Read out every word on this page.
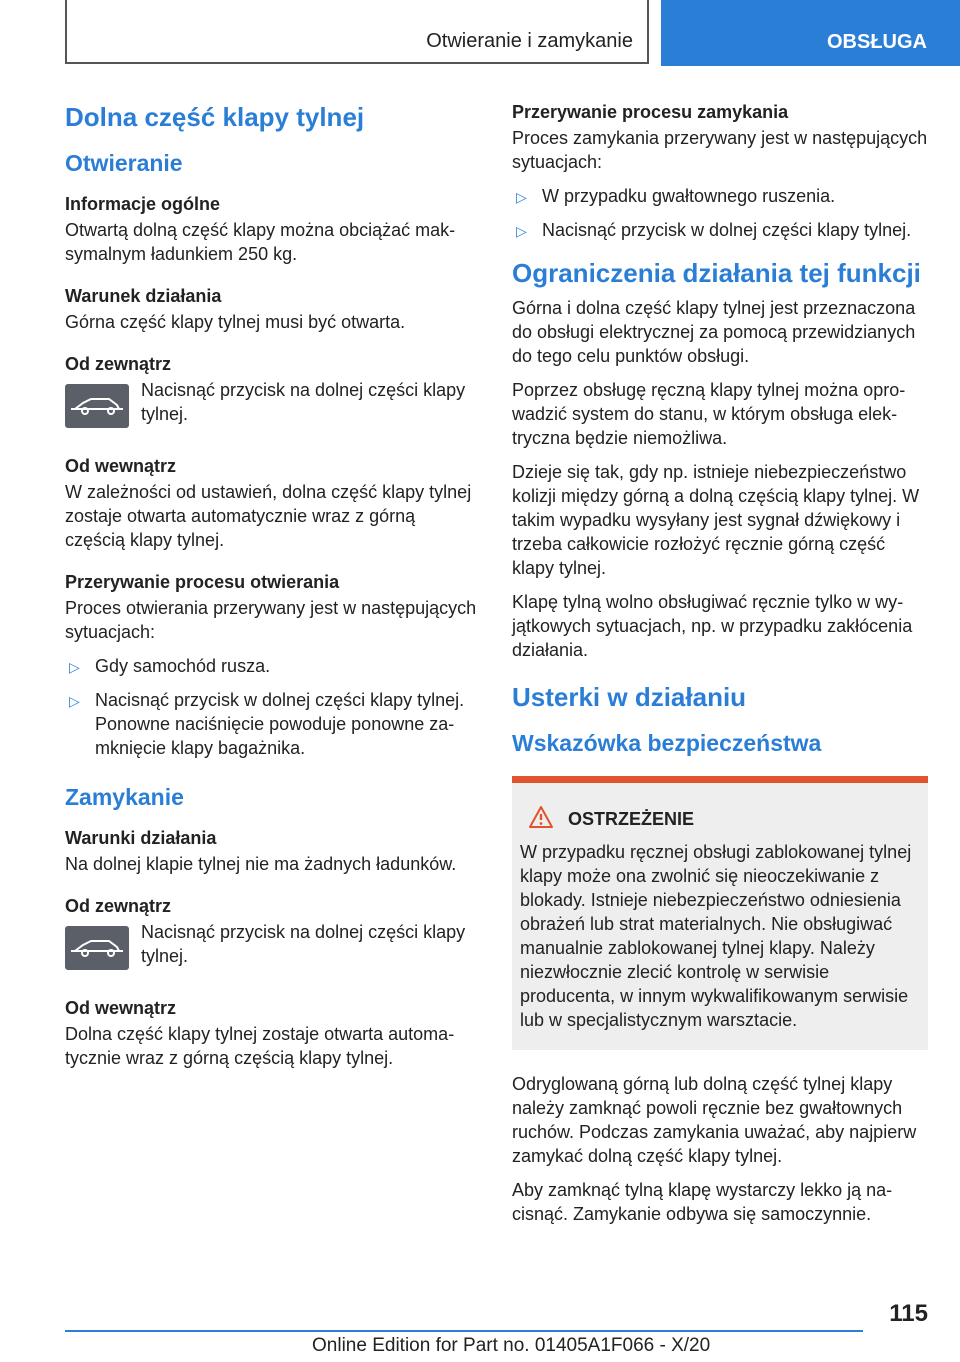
Otwieranie i zamykanie	OBSŁUGA
Dolna część klapy tylnej
Otwieranie
Informacje ogólne

Otwartą dolną część klapy można obciążać maksymalnym ładunkiem 250 kg.

Warunek działania

Górna część klapy tylnej musi być otwarta.

Od zewnątrz

Nacisnąć przycisk na dolnej części klapy tylnej.

Od wewnątrz

W zależności od ustawień, dolna część klapy tylnej zostaje otwarta automatycznie wraz z górną częścią klapy tylnej.

Przerywanie procesu otwierania

Proces otwierania przerywany jest w następujących sytuacjach:

▷ Gdy samochód rusza.
▷ Nacisnąć przycisk w dolnej części klapy tylnej. Ponowne naciśnięcie powoduje ponowne zamknięcie klapy bagażnika.
Zamykanie
Warunki działania

Na dolnej klapie tylnej nie ma żadnych ładunków.

Od zewnątrz

Nacisnąć przycisk na dolnej części klapy tylnej.

Od wewnątrz

Dolna część klapy tylnej zostaje otwarta automatycznie wraz z górną częścią klapy tylnej.

Przerywanie procesu zamykania

Proces zamykania przerywany jest w następujących sytuacjach:

▷ W przypadku gwałtownego ruszenia.
▷ Nacisnąć przycisk w dolnej części klapy tylnej.
Ograniczenia działania tej funkcji

Górna i dolna część klapy tylnej jest przeznaczona do obsługi elektrycznej za pomocą przewidzianych do tego celu punktów obsługi.

Poprzez obsługę ręczną klapy tylnej można oprowadzić system do stanu, w którym obsługa elektryczna będzie niemożliwa.

Dzieje się tak, gdy np. istnieje niebezpieczeństwo kolizji między górną a dolną częścią klapy tylnej. W takim wypadku wysyłany jest sygnał dźwiękowy i trzeba całkowicie rozłożyć ręcznie górną część klapy tylnej.

Klapę tylną wolno obsługiwać ręcznie tylko w wyjątkowych sytuacjach, np. w przypadku zakłócenia działania.

Usterki w działaniu
Wskazówka bezpieczeństwa
OSTRZEŻENIE

W przypadku ręcznej obsługi zablokowanej tylnej klapy może ona zwolnić się nieoczekiwanie z blokady. Istnieje niebezpieczeństwo odniesienia obrażeń lub strat materialnych. Nie obsługiwać manualnie zablokowanej tylnej klapy. Należy niezwłocznie zlecić kontrolę w serwisie producenta, w innym wykwalifikowanym serwisie lub w specjalistycznym warsztacie.

Odryglowaną górną lub dolną część tylnej klapy należy zamknąć powoli ręcznie bez gwałtownych ruchów. Podczas zamykania uważać, aby najpierw zamykać dolną część klapy tylnej.

Aby zamknąć tylną klapę wystarczy lekko ją nacisnąć. Zamykanie odbywa się samoczynnie.

115
Online Edition for Part no. 01405A1F066 - X/20
